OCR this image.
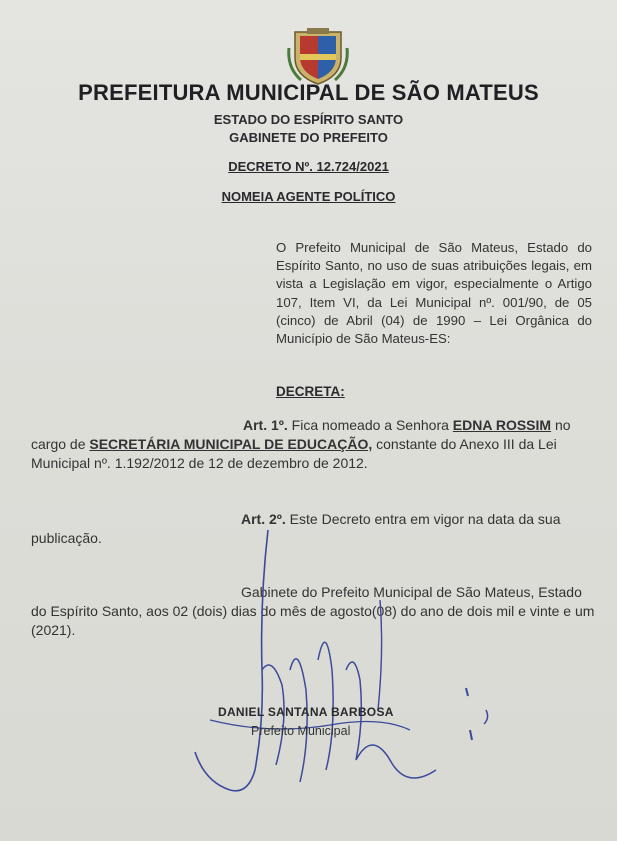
PREFEITURA MUNICIPAL DE SÃO MATEUS
ESTADO DO ESPÍRITO SANTO
GABINETE DO PREFEITO
DECRETO Nº. 12.724/2021
NOMEIA AGENTE POLÍTICO
O Prefeito Municipal de São Mateus, Estado do Espírito Santo, no uso de suas atribuições legais, em vista a Legislação em vigor, especialmente o Artigo 107, Item VI, da Lei Municipal nº. 001/90, de 05 (cinco) de Abril (04) de 1990 – Lei Orgânica do Município de São Mateus-ES:
DECRETA:
Art. 1º. Fica nomeado a Senhora EDNA ROSSIM no cargo de SECRETÁRIA MUNICIPAL DE EDUCAÇÃO, constante do Anexo III da Lei Municipal nº. 1.192/2012 de 12 de dezembro de 2012.
Art. 2º. Este Decreto entra em vigor na data da sua publicação.
Gabinete do Prefeito Municipal de São Mateus, Estado do Espírito Santo, aos 02 (dois) dias do mês de agosto(08) do ano de dois mil e vinte e um (2021).
DANIEL SANTANA BARBOSA
Prefeito Municipal
